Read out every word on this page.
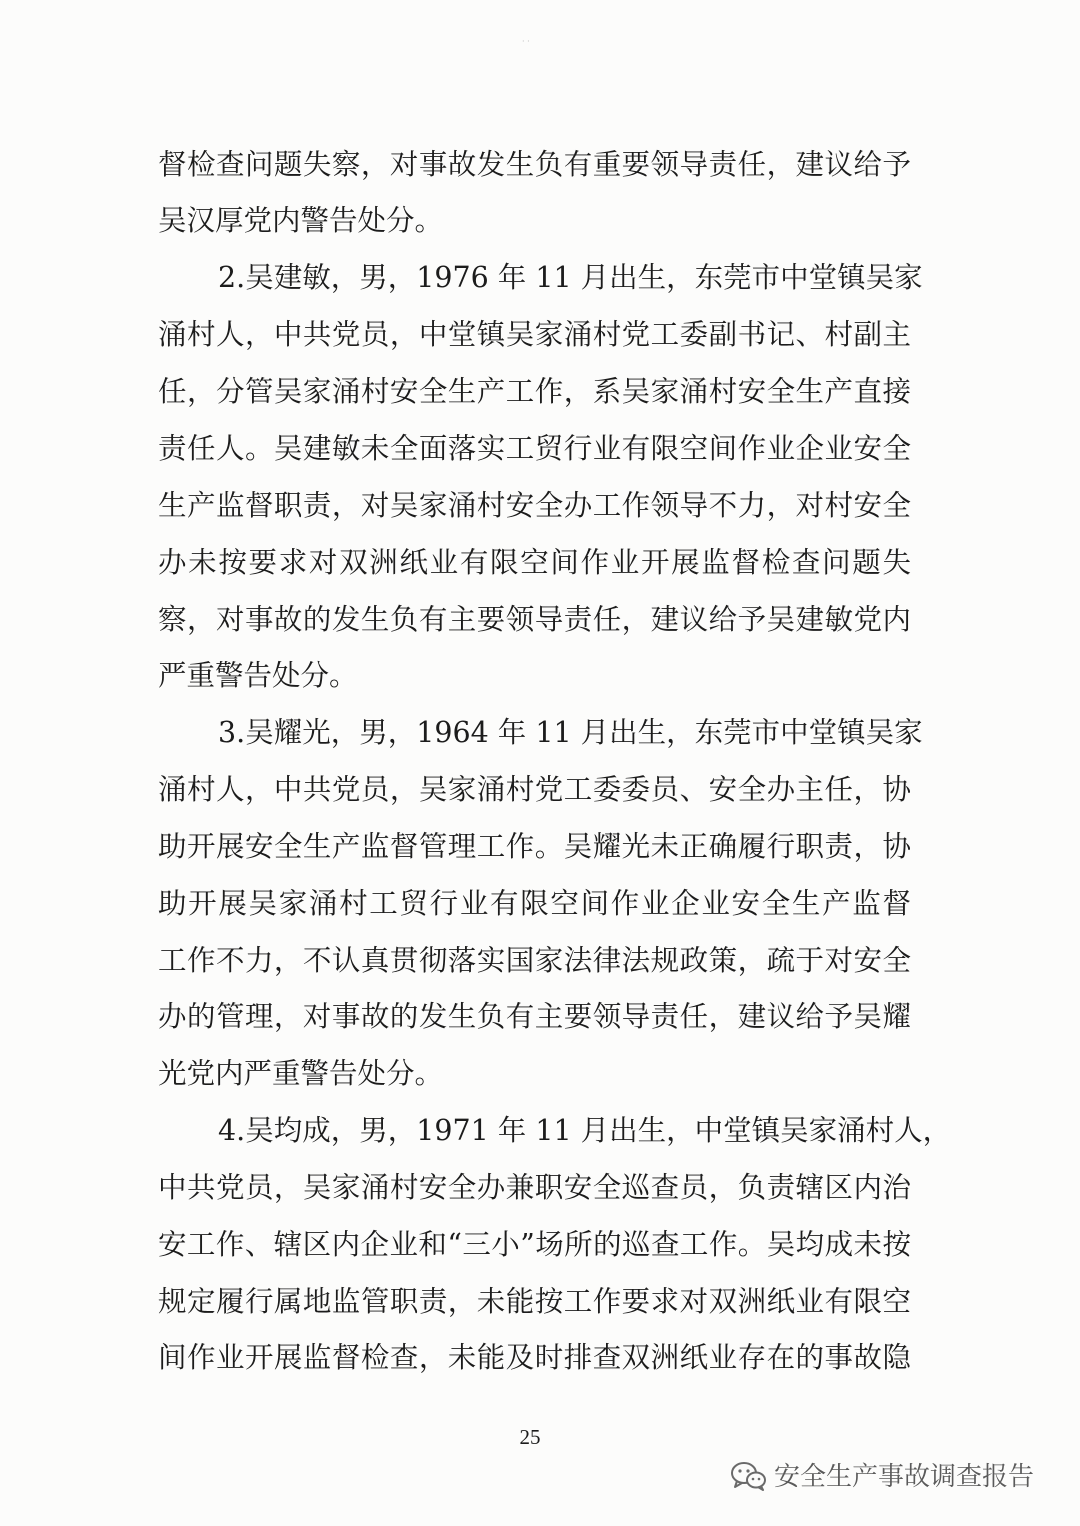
· ·
督检查问题失察，对事故发生负有重要领导责任，建议给予
吴汉厚党内警告处分。
2.吴建敏，男，1976 年 11 月出生，东莞市中堂镇吴家
涌村人，中共党员，中堂镇吴家涌村党工委副书记、村副主
任，分管吴家涌村安全生产工作，系吴家涌村安全生产直接
责任人。吴建敏未全面落实工贸行业有限空间作业企业安全
生产监督职责，对吴家涌村安全办工作领导不力，对村安全
办未按要求对双洲纸业有限空间作业开展监督检查问题失
察，对事故的发生负有主要领导责任，建议给予吴建敏党内
严重警告处分。
3.吴耀光，男，1964 年 11 月出生，东莞市中堂镇吴家
涌村人，中共党员，吴家涌村党工委委员、安全办主任，协
助开展安全生产监督管理工作。吴耀光未正确履行职责，协
助开展吴家涌村工贸行业有限空间作业企业安全生产监督
工作不力，不认真贯彻落实国家法律法规政策，疏于对安全
办的管理，对事故的发生负有主要领导责任，建议给予吴耀
光党内严重警告处分。
4.吴均成，男，1971 年 11 月出生，中堂镇吴家涌村人，
中共党员，吴家涌村安全办兼职安全巡查员，负责辖区内治
安工作、辖区内企业和“三小”场所的巡查工作。吴均成未按
规定履行属地监管职责，未能按工作要求对双洲纸业有限空
间作业开展监督检查，未能及时排查双洲纸业存在的事故隐
25
安全生产事故调查报告
